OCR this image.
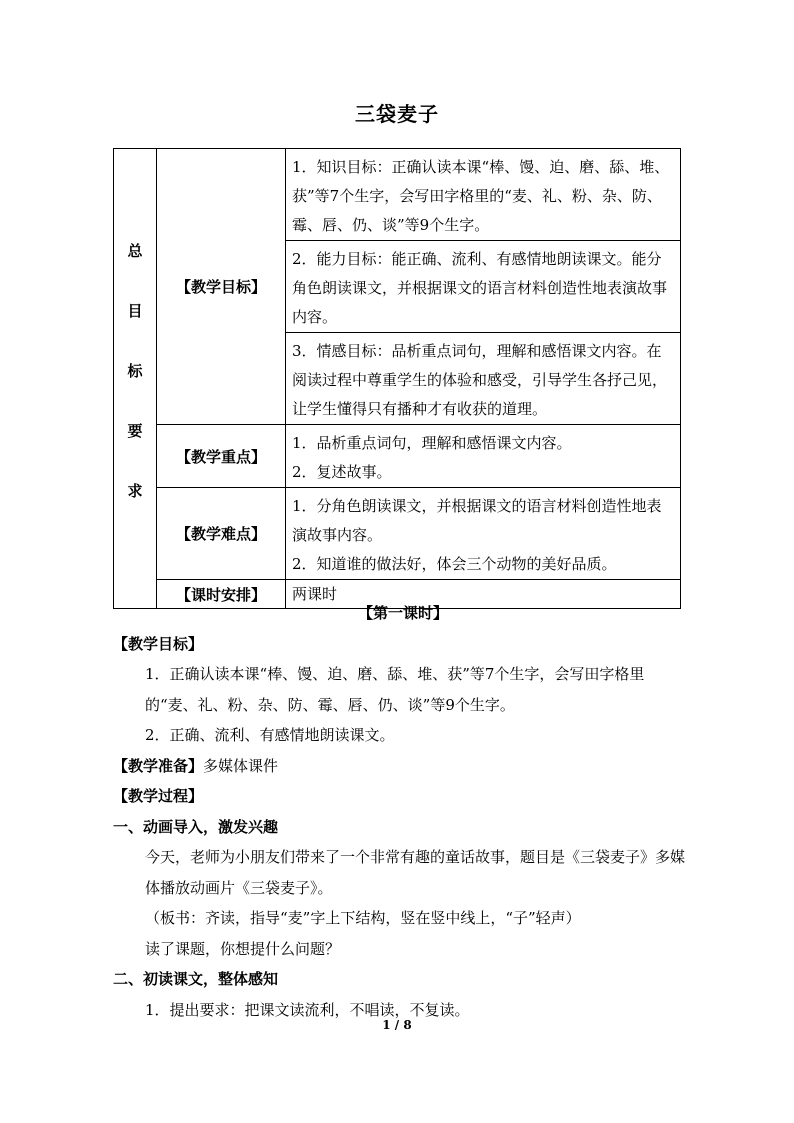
三袋麦子
总
目
标
要
求	【教学目标】	1．知识目标：正确认读本课“棒、馒、迫、磨、舔、堆、获”等7个生字，会写田字格里的“麦、礼、粉、杂、防、霉、唇、仍、谈”等9个生字。

		2．能力目标：能正确、流利、有感情地朗读课文。能分角色朗读课文，并根据课文的语言材料创造性地表演故事内容。

		3．情感目标：品析重点词句，理解和感悟课文内容。在阅读过程中尊重学生的体验和感受，引导学生各抒己见，让学生懂得只有播种才有收获的道理。

	【教学重点】	1．品析重点词句，理解和感悟课文内容。

2．复述故事。

	【教学难点】	1．分角色朗读课文，并根据课文的语言材料创造性地表演故事内容。

2．知道谁的做法好，体会三个动物的美好品质。

	【课时安排】	两课时

【第一课时】

【教学目标】

1．正确认读本课“棒、馒、迫、磨、舔、堆、获”等7个生字，会写田字格里的“麦、礼、粉、杂、防、霉、唇、仍、谈”等9个生字。

2．正确、流利、有感情地朗读课文。

【教学准备】多媒体课件

【教学过程】

一、动画导入，激发兴趣

今天，老师为小朋友们带来了一个非常有趣的童话故事，题目是《三袋麦子》多媒体播放动画片《三袋麦子》。

（板书：齐读，指导“麦”字上下结构，竖在竖中线上，“子”轻声）

读了课题，你想提什么问题？

二、初读课文，整体感知

1．提出要求：把课文读流利，不唱读，不复读。

1 / 8
